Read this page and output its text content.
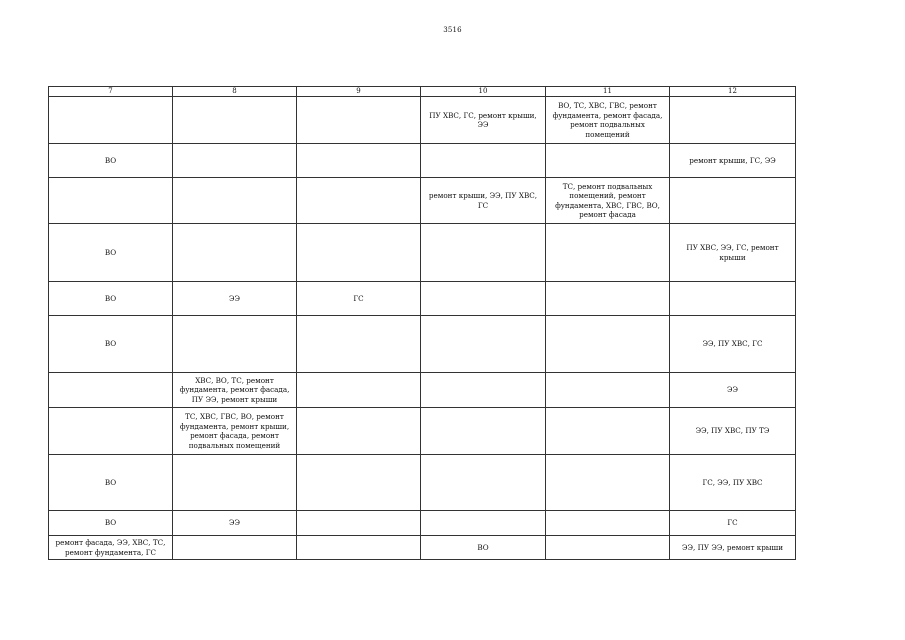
3516
7	8	9	10	11	12
			ПУ ХВС, ГС, ремонт крыши, ЭЭ	ВО, ТС, ХВС, ГВС, ремонт фундамента, ремонт фасада, ремонт подвальных помещений	
ВО					ремонт крыши, ГС, ЭЭ
			ремонт крыши, ЭЭ, ПУ ХВС, ГС	ТС, ремонт подвальных помещений, ремонт фундамента, ХВС, ГВС, ВО, ремонт фасада	
ВО					ПУ ХВС, ЭЭ, ГС, ремонт крыши
ВО	ЭЭ	ГС			
ВО					ЭЭ, ПУ ХВС, ГС
	ХВС, ВО, ТС, ремонт фундамента, ремонт фасада, ПУ ЭЭ, ремонт крыши				ЭЭ
	ТС, ХВС, ГВС, ВО, ремонт фундамента, ремонт крыши, ремонт фасада, ремонт подвальных помещений				ЭЭ, ПУ ХВС, ПУ ТЭ
ВО					ГС, ЭЭ, ПУ ХВС
ВО	ЭЭ				ГС
ремонт фасада, ЭЭ, ХВС, ТС, ремонт фундамента, ГС			ВО		ЭЭ, ПУ ЭЭ, ремонт крыши
